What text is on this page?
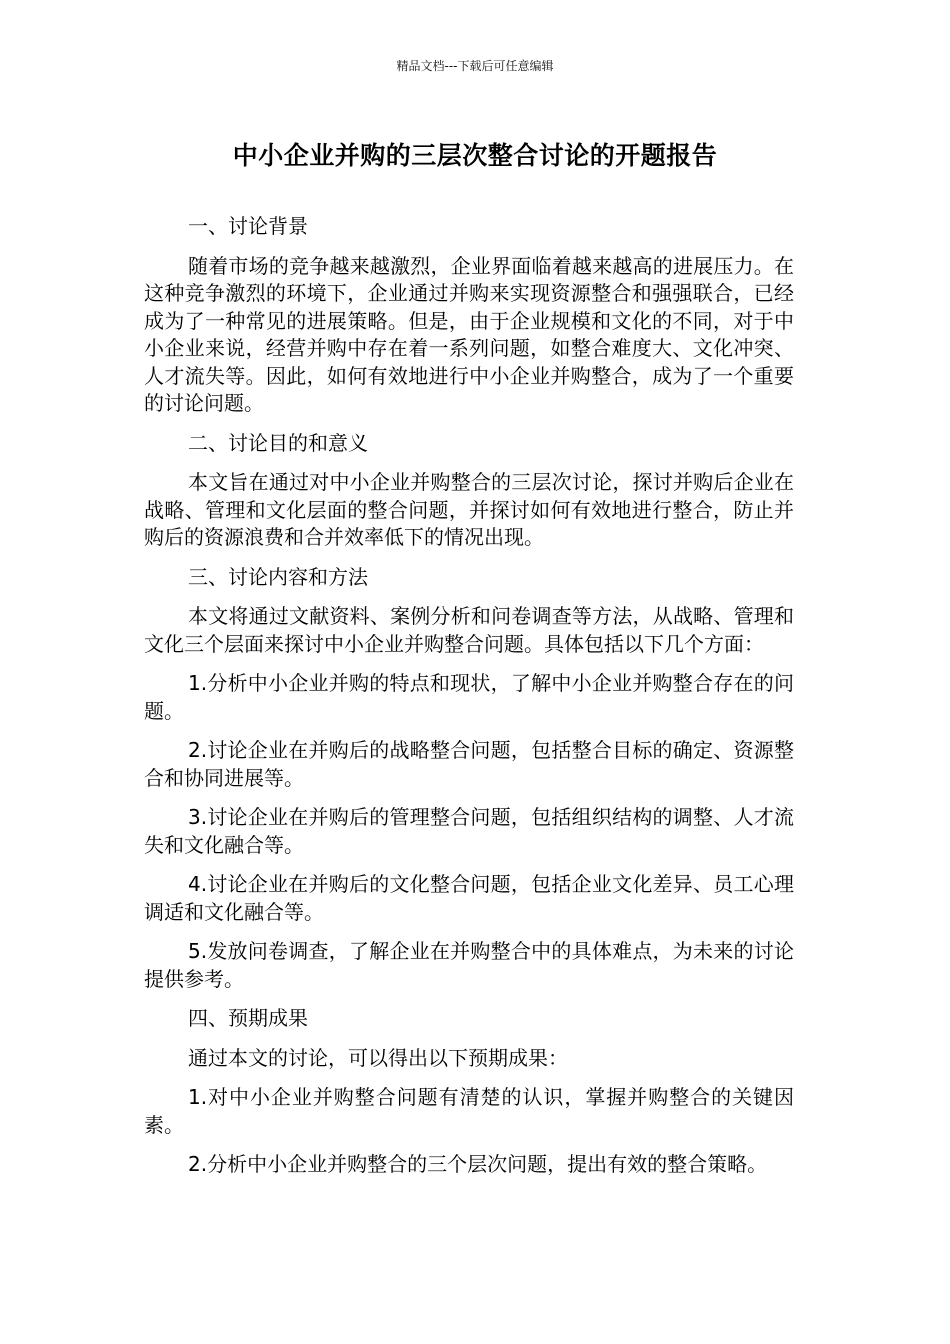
精品文档---下载后可任意编辑
中小企业并购的三层次整合讨论的开题报告

一、讨论背景

随着市场的竞争越来越激烈，企业界面临着越来越高的进展压力。在这种竞争激烈的环境下，企业通过并购来实现资源整合和强强联合，已经成为了一种常见的进展策略。但是，由于企业规模和文化的不同，对于中小企业来说，经营并购中存在着一系列问题，如整合难度大、文化冲突、人才流失等。因此，如何有效地进行中小企业并购整合，成为了一个重要的讨论问题。

二、讨论目的和意义

本文旨在通过对中小企业并购整合的三层次讨论，探讨并购后企业在战略、管理和文化层面的整合问题，并探讨如何有效地进行整合，防止并购后的资源浪费和合并效率低下的情况出现。

三、讨论内容和方法

本文将通过文献资料、案例分析和问卷调查等方法，从战略、管理和文化三个层面来探讨中小企业并购整合问题。具体包括以下几个方面：

1.分析中小企业并购的特点和现状，了解中小企业并购整合存在的问题。

2.讨论企业在并购后的战略整合问题，包括整合目标的确定、资源整合和协同进展等。

3.讨论企业在并购后的管理整合问题，包括组织结构的调整、人才流失和文化融合等。

4.讨论企业在并购后的文化整合问题，包括企业文化差异、员工心理调适和文化融合等。

5.发放问卷调查，了解企业在并购整合中的具体难点，为未来的讨论提供参考。

四、预期成果

通过本文的讨论，可以得出以下预期成果：

1.对中小企业并购整合问题有清楚的认识，掌握并购整合的关键因素。

2.分析中小企业并购整合的三个层次问题，提出有效的整合策略。
